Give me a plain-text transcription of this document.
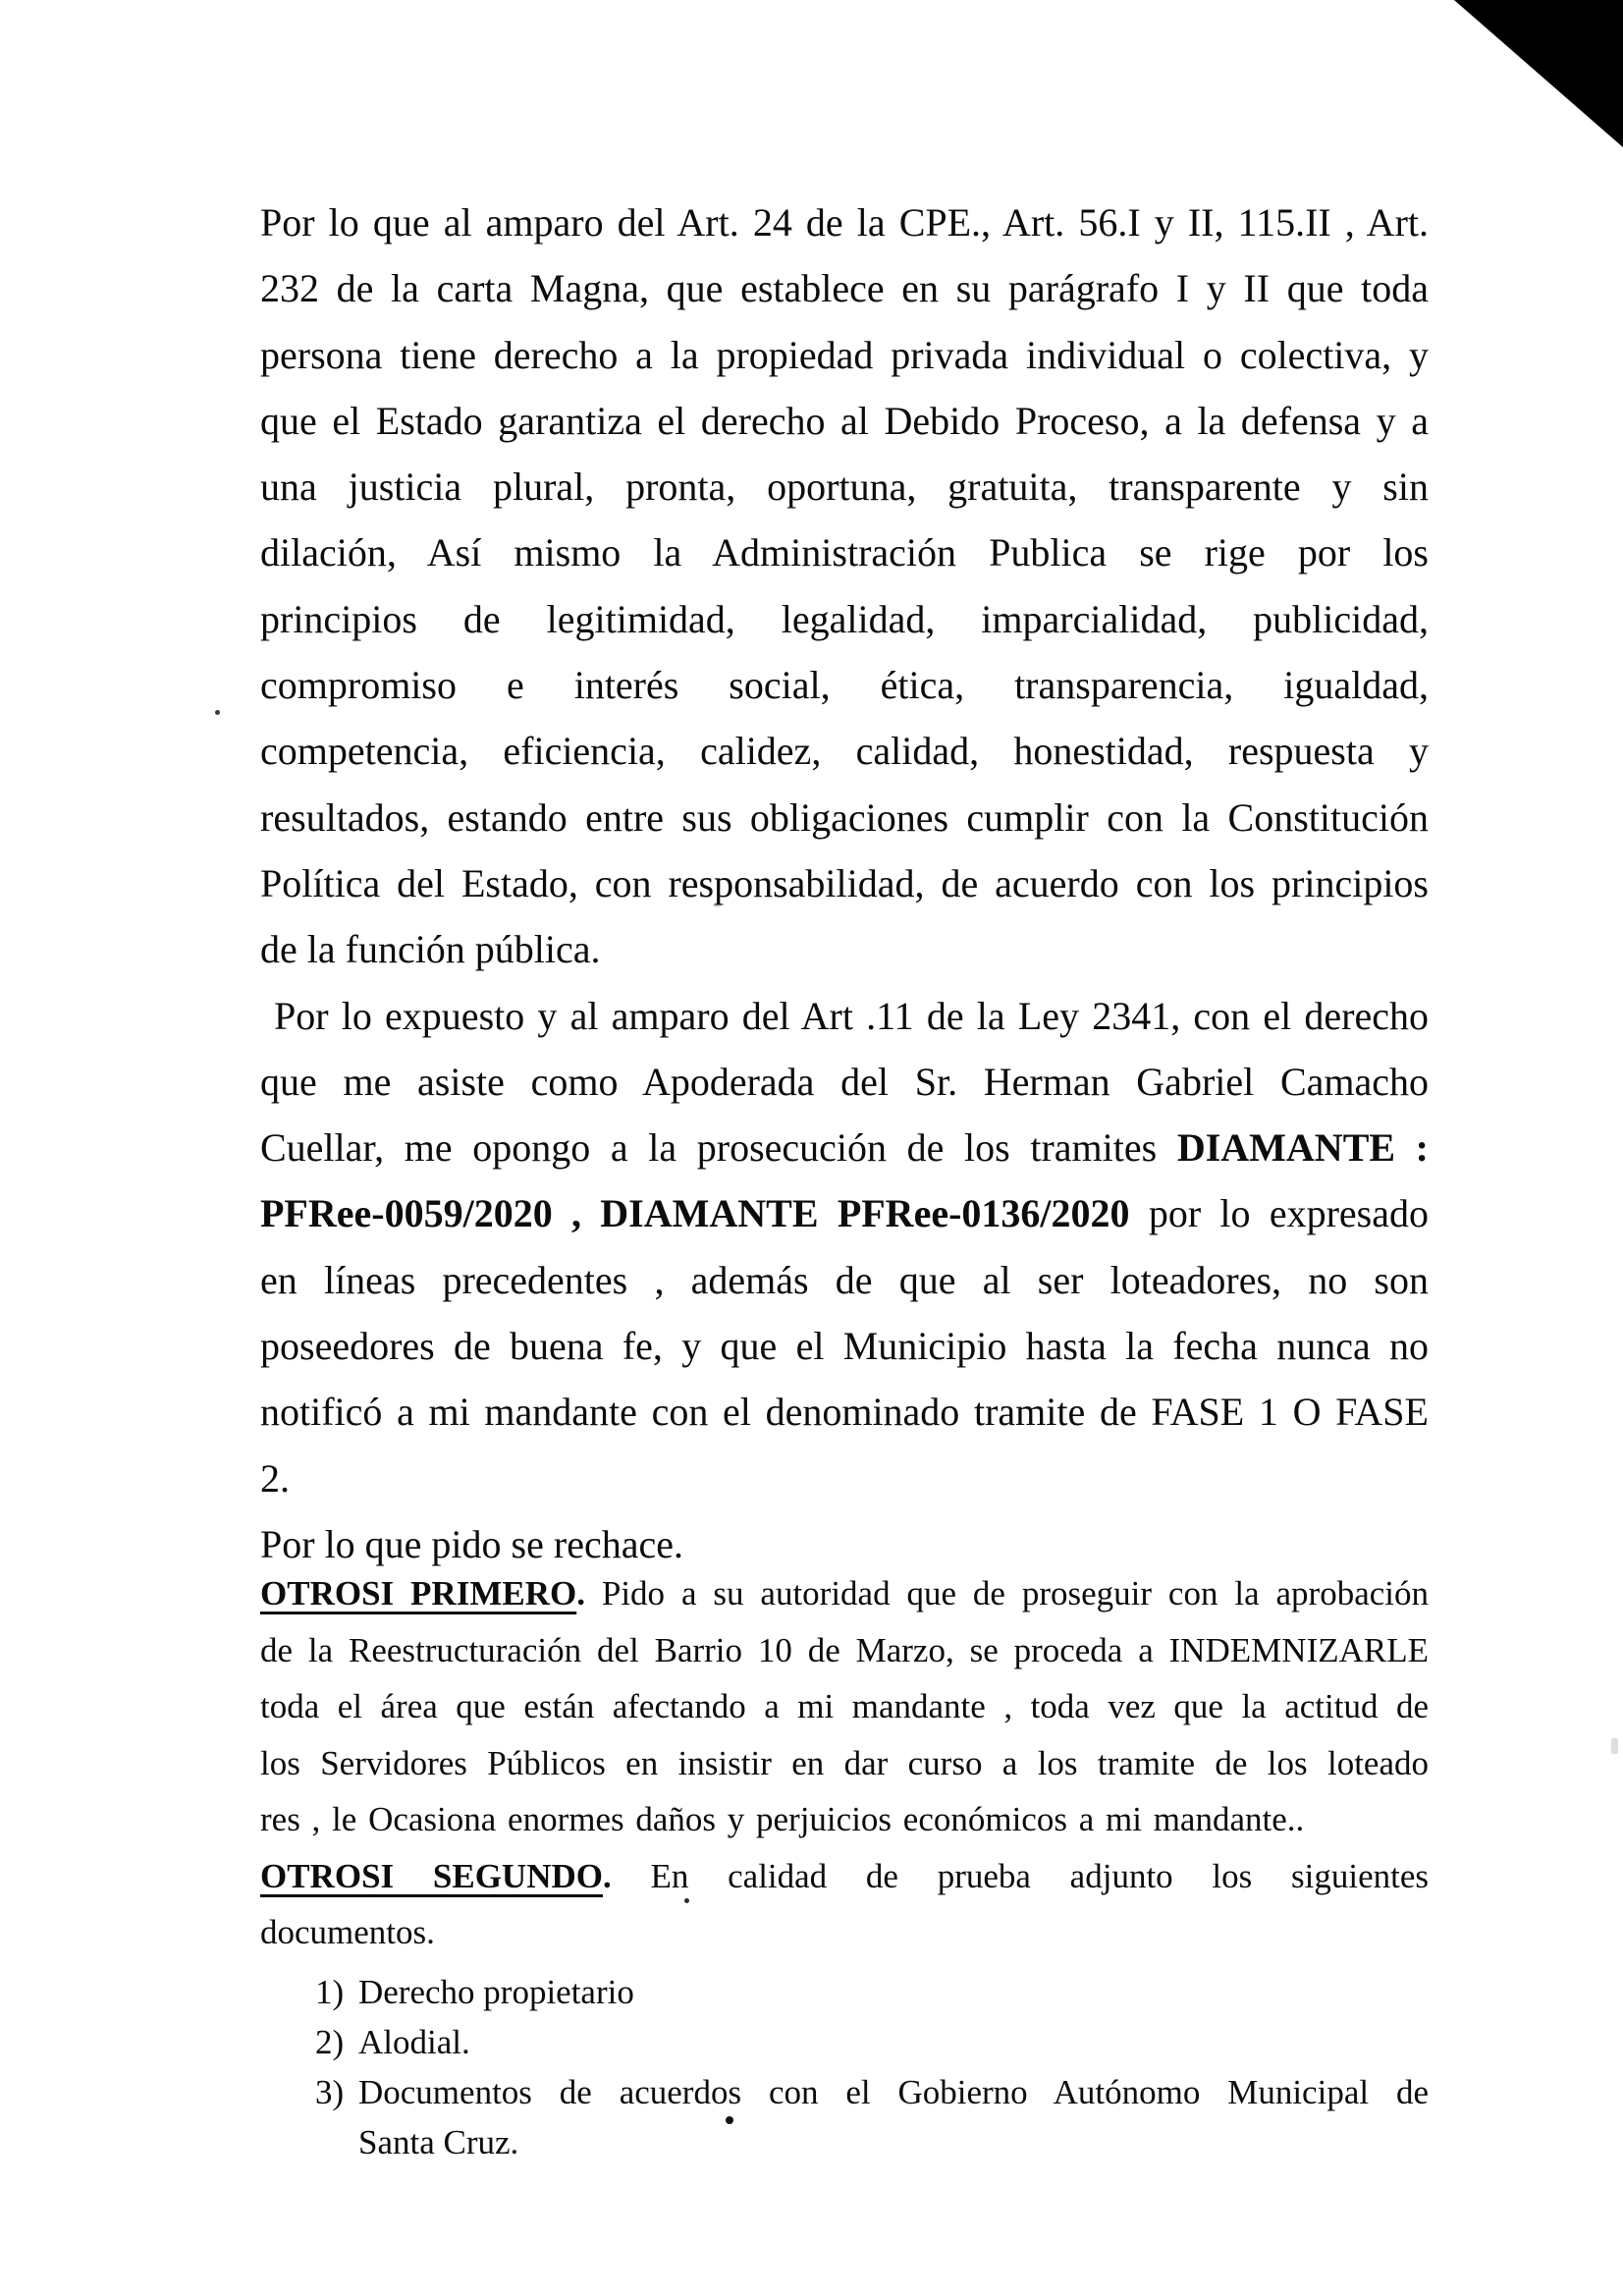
Por lo que al amparo del Art. 24 de la CPE., Art. 56.I y II, 115.II , Art.
232 de la carta Magna, que establece en su parágrafo I y II que toda
persona tiene derecho a la propiedad privada individual o colectiva, y
que el Estado garantiza el derecho al Debido Proceso, a la defensa y a
una justicia plural, pronta, oportuna, gratuita, transparente y sin
dilación, Así mismo la Administración Publica se rige por los
principios de legitimidad, legalidad, imparcialidad, publicidad,
compromiso e interés social, ética, transparencia, igualdad,
competencia, eficiencia, calidez, calidad, honestidad, respuesta y
resultados, estando entre sus obligaciones cumplir con la Constitución
Política del Estado, con responsabilidad, de acuerdo con los principios
de la función pública.
Por lo expuesto y al amparo del Art .11 de la Ley 2341, con el derecho
que me asiste como Apoderada del Sr. Herman Gabriel Camacho
Cuellar, me opongo a la prosecución de los tramites DIAMANTE :
PFRee-0059/2020 , DIAMANTE PFRee-0136/2020 por lo expresado
en líneas precedentes , además de que al ser loteadores, no son
poseedores de buena fe, y que el Municipio hasta la fecha nunca no
notificó a mi mandante con el denominado tramite de FASE 1 O FASE
2.
Por lo que pido se rechace.
OTROSI PRIMERO. Pido a su autoridad que de proseguir con la aprobación
de la Reestructuración del Barrio 10 de Marzo, se proceda a INDEMNIZARLE
toda el área que están afectando a mi mandante , toda vez que la actitud de
los Servidores Públicos en insistir en dar curso a los tramite de los loteado
res , le Ocasiona enormes daños y perjuicios económicos a mi mandante..
OTROSI SEGUNDO. En calidad de prueba adjunto los siguientes
documentos.
1) Derecho propietario
2) Alodial.
3) Documentos de acuerdos con el Gobierno Autónomo Municipal de
Santa Cruz.
